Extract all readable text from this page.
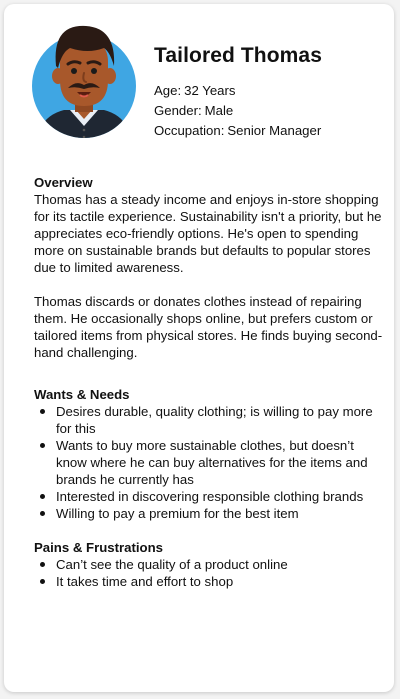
Tailored Thomas
Age: 32 Years
Gender: Male
Occupation: Senior Manager
Overview

Thomas has a steady income and enjoys in-store shopping for its tactile experience. Sustainability isn't a priority, but he appreciates eco-friendly options. He's open to spending more on sustainable brands but defaults to popular stores due to limited awareness.

Thomas discards or donates clothes instead of repairing them. He occasionally shops online, but prefers custom or tailored items from physical stores. He finds buying second-hand challenging.

Wants & Needs
Desires durable, quality clothing; is willing to pay more for this
Wants to buy more sustainable clothes, but doesn’t know where he can buy alternatives for the items and brands he currently has
Interested in discovering responsible clothing brands
Willing to pay a premium for the best item
Pains & Frustrations
Can’t see the quality of a product online
It takes time and effort to shop
